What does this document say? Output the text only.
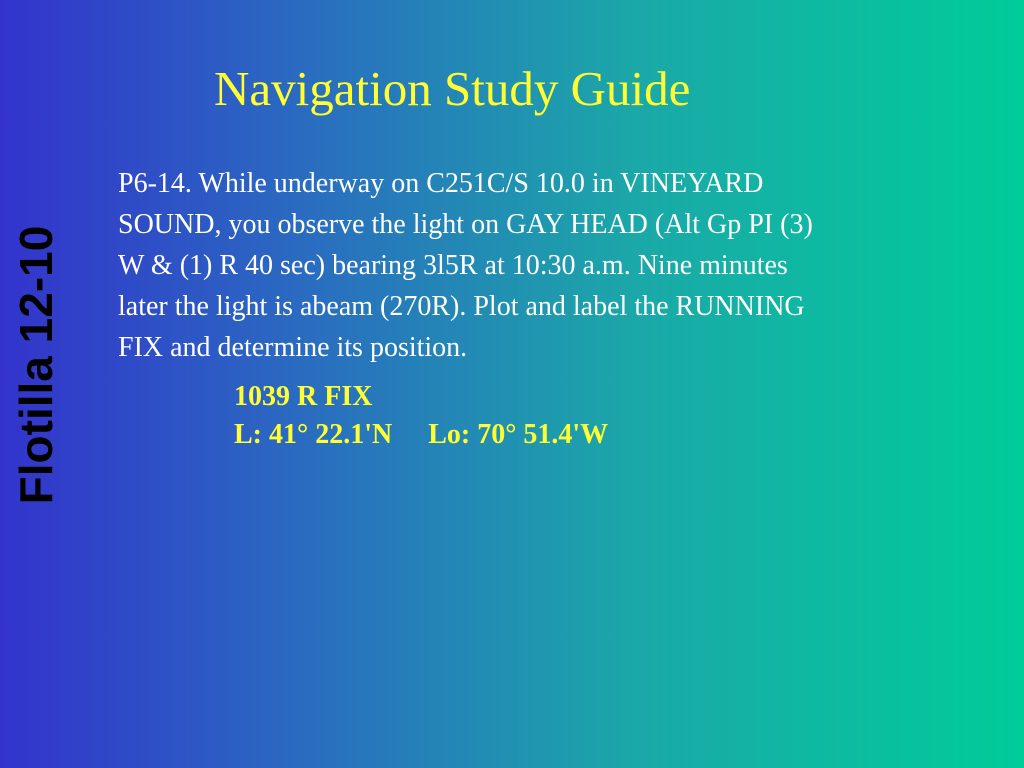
Flotilla 12-10
Navigation Study Guide
P6-14. While underway on C251C/S 10.0 in VINEYARD
SOUND, you observe the light on GAY HEAD (Alt Gp PI (3)
W & (1) R 40 sec) bearing 3l5R at 10:30 a.m. Nine minutes
later the light is abeam (270R). Plot and label the RUNNING
FIX and determine its position.
1039 R FIX
L: 41° 22.1'N Lo: 70° 51.4'W
